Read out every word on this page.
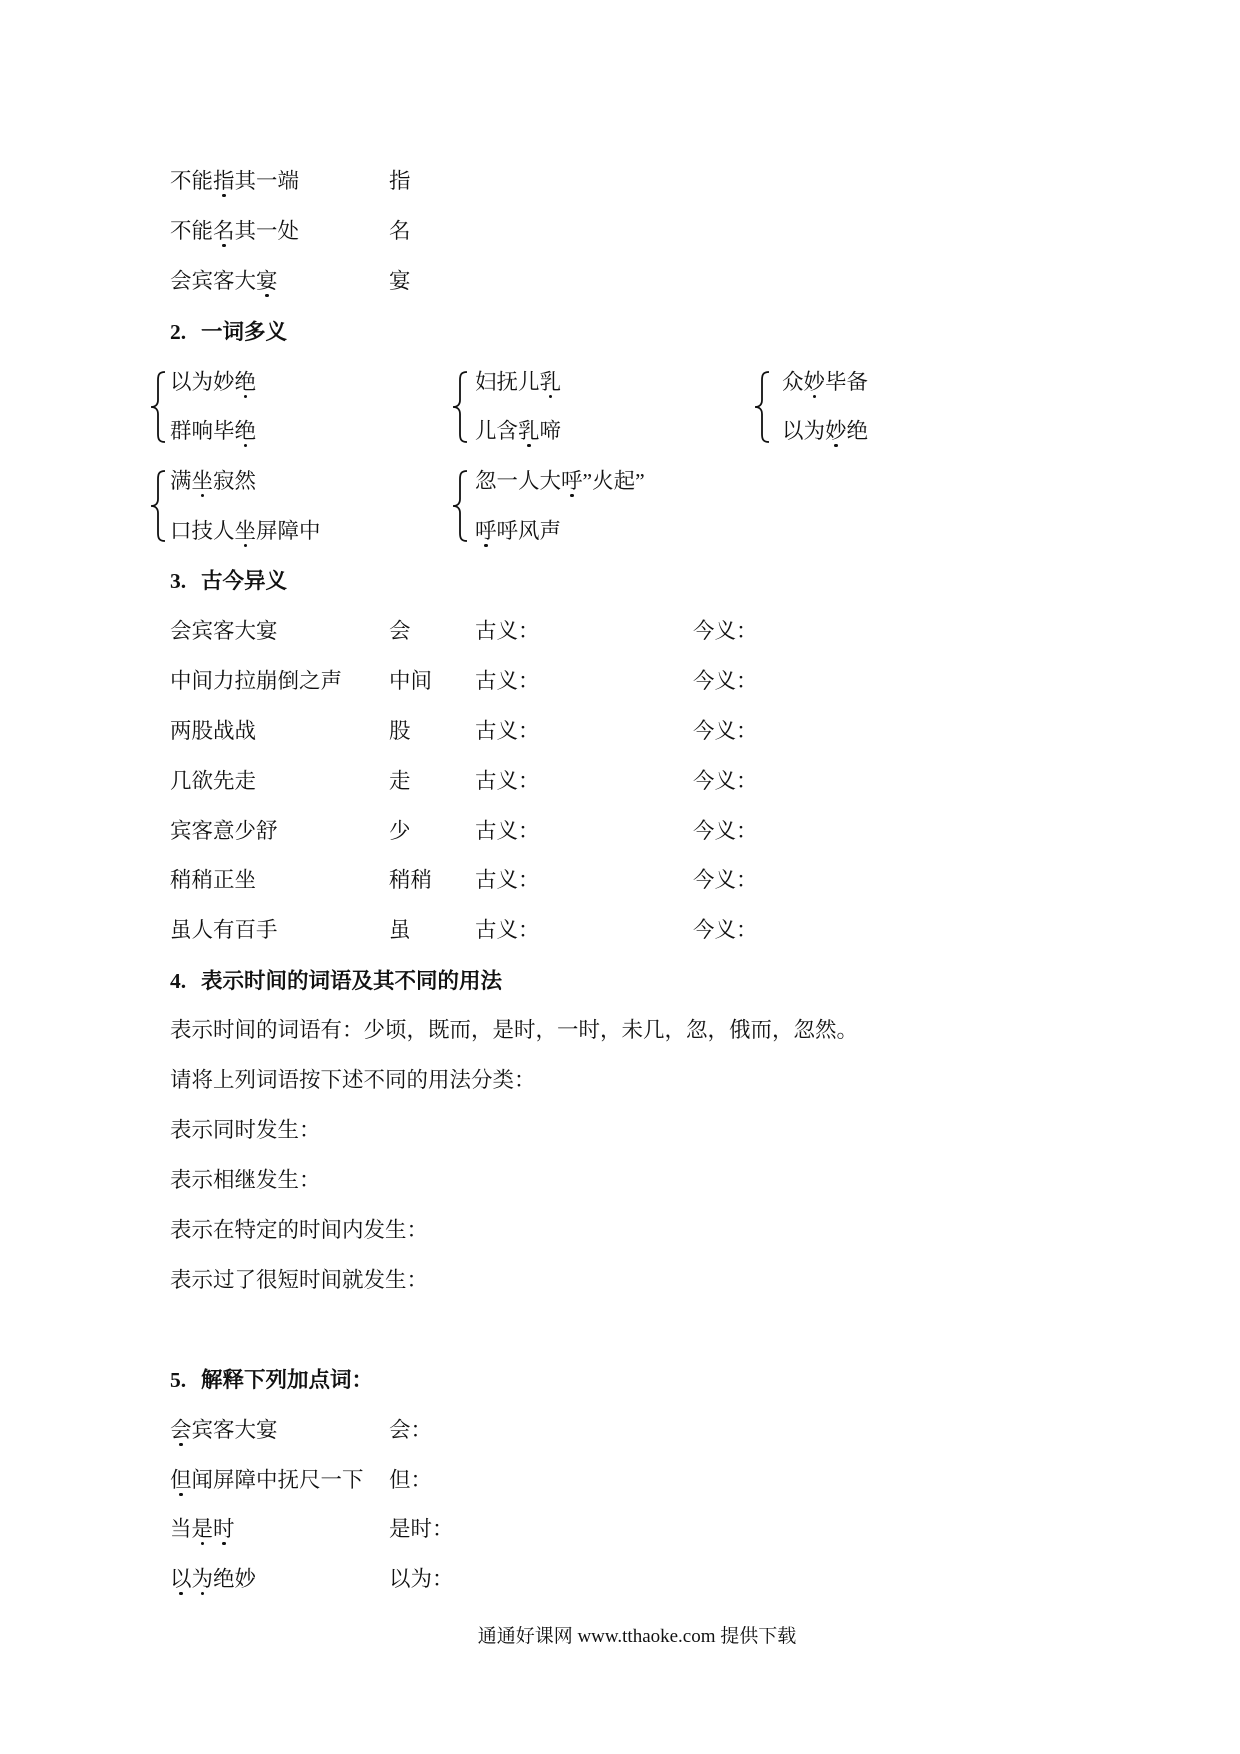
不能指其一端	指
不能名其一处	名
会宾客大宴	宴
2. 一词多义
以为妙绝	妇抚儿乳	众妙毕备
群响毕绝	儿含乳啼	以为妙绝
满坐寂然	忽一人大呼”火起”
口技人坐屏障中	呼呼风声
3. 古今异义
会宾客大宴	会	古义：	今义：
中间力拉崩倒之声 中间 古义：	今义：
两股战战	股	古义：	今义：
几欲先走	走	古义：	今义：
宾客意少舒	少	古义：	今义：
稍稍正坐	稍稍 古义：	今义：
虽人有百手	虽	古义：	今义：
4. 表示时间的词语及其不同的用法
表示时间的词语有：少顷，既而，是时，一时，未几，忽，俄而，忽然。
请将上列词语按下述不同的用法分类：
表示同时发生：
表示相继发生：
表示在特定的时间内发生：
表示过了很短时间就发生：
5. 解释下列加点词：
会宾客大宴	会：
但闻屏障中抚尺一下 但：
当是时	是时：
以为绝妙	以为：
通通好课网 www.tthaoke.com 提供下载
